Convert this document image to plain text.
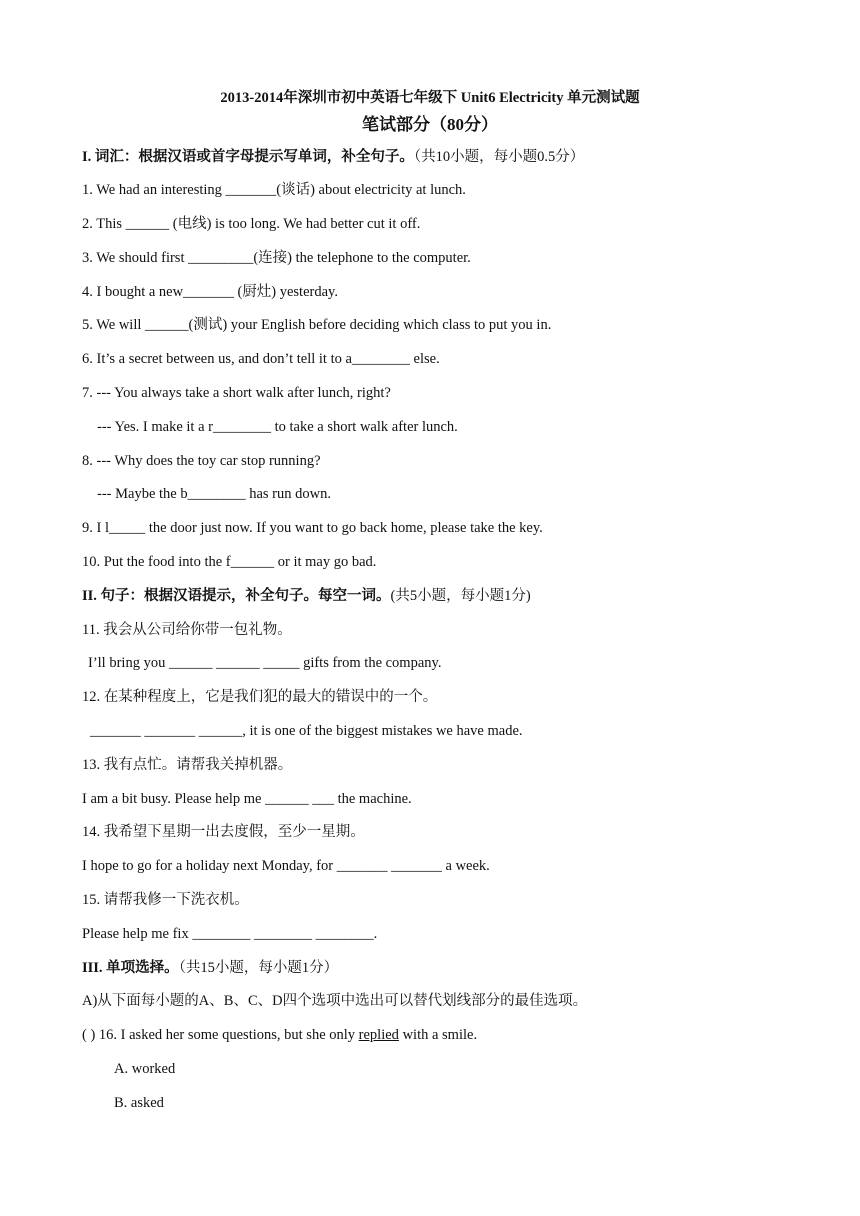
2013-2014年深圳市初中英语七年级下 Unit6 Electricity 单元测试题
笔试部分（80分）
I. 词汇：根据汉语或首字母提示写单词，补全句子。（共10小题，每小题0.5分）
1. We had an interesting _______(谈话) about electricity at lunch.
2. This ______ (电线) is too long. We had better cut it off.
3. We should first _________(连接) the telephone to the computer.
4. I bought a new_______ (厨灶) yesterday.
5. We will ______(测试) your English before deciding which class to put you in.
6. It’s a secret between us, and don’t tell it to a________ else.
7. --- You always take a short walk after lunch, right?
--- Yes. I make it a r________ to take a short walk after lunch.
8. --- Why does the toy car stop running?
--- Maybe the b________ has run down.
9. I l_____ the door just now. If you want to go back home, please take the key.
10. Put the food into the f______ or it may go bad.
II. 句子：根据汉语提示，补全句子。每空一词。(共5小题，每小题1分)
11. 我会从公司给你带一包礼物。
I’ll bring you ______ ______ _____ gifts from the company.
12. 在某种程度上，它是我们犯的最大的错误中的一个。
_______ _______ ______, it is one of the biggest mistakes we have made.
13. 我有点忙。请帮我关掉机器。
I am a bit busy. Please help me ______ ___ the machine.
14. 我希望下星期一出去度假，至少一星期。
I hope to go for a holiday next Monday, for _______ _______ a week.
15. 请帮我修一下洗衣机。
Please help me fix ________ ________ ________.
III. 单项选择。（共15小题，每小题1分）
A)从下面每小题的A、B、C、D四个选项中选出可以替代划线部分的最佳选项。
( ) 16. I asked her some questions, but she only replied with a smile.
A. worked
B. asked
